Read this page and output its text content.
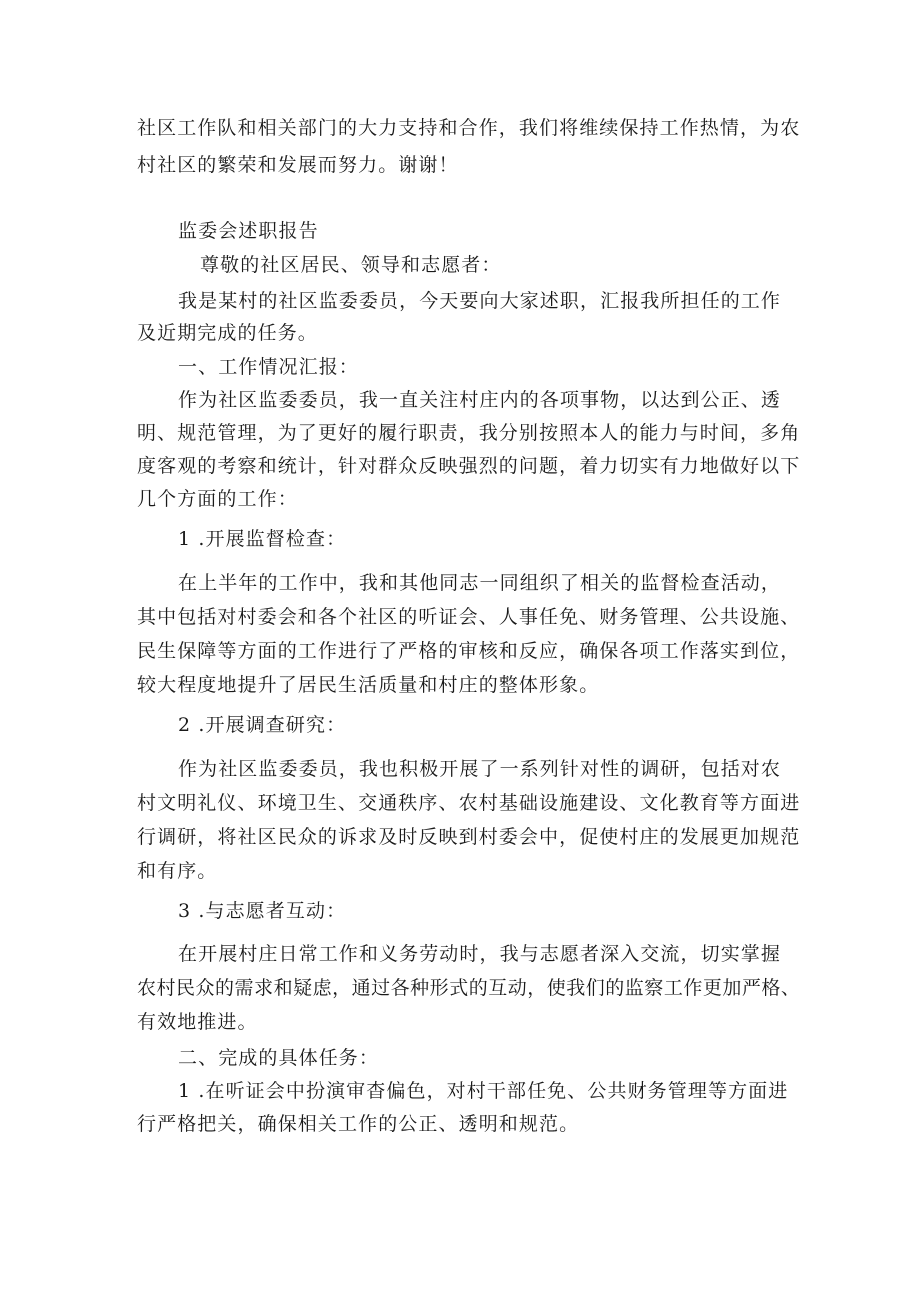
社区工作队和相关部门的大力支持和合作，我们将维续保持工作热情，为农
村社区的繁荣和发展而努力。谢谢！
监委会述职报告
尊敬的社区居民、领导和志愿者：
我是某村的社区监委委员，今天要向大家述职，汇报我所担任的工作
及近期完成的任务。
一、工作情况汇报：
作为社区监委委员，我一直关注村庄内的各项事物，以达到公正、透
明、规范管理，为了更好的履行职责，我分别按照本人的能力与时间，多角
度客观的考察和统计，针对群众反映强烈的问题，着力切实有力地做好以下
几个方面的工作：
1 .开展监督检查：
在上半年的工作中，我和其他同志一同组织了相关的监督检查活动，
其中包括对村委会和各个社区的听证会、人事任免、财务管理、公共设施、
民生保障等方面的工作进行了严格的审核和反应，确保各项工作落实到位，
较大程度地提升了居民生活质量和村庄的整体形象。
2 .开展调查研究：
作为社区监委委员，我也积极开展了一系列针对性的调研，包括对农
村文明礼仪、环境卫生、交通秩序、农村基础设施建设、文化教育等方面进
行调研，将社区民众的诉求及时反映到村委会中，促使村庄的发展更加规范
和有序。
3 .与志愿者互动：
在开展村庄日常工作和义务劳动时，我与志愿者深入交流，切实掌握
农村民众的需求和疑虑，通过各种形式的互动，使我们的监察工作更加严格、
有效地推进。
二、完成的具体任务：
1 .在听证会中扮演审杳偏色，对村干部任免、公共财务管理等方面进
行严格把关，确保相关工作的公正、透明和规范。
